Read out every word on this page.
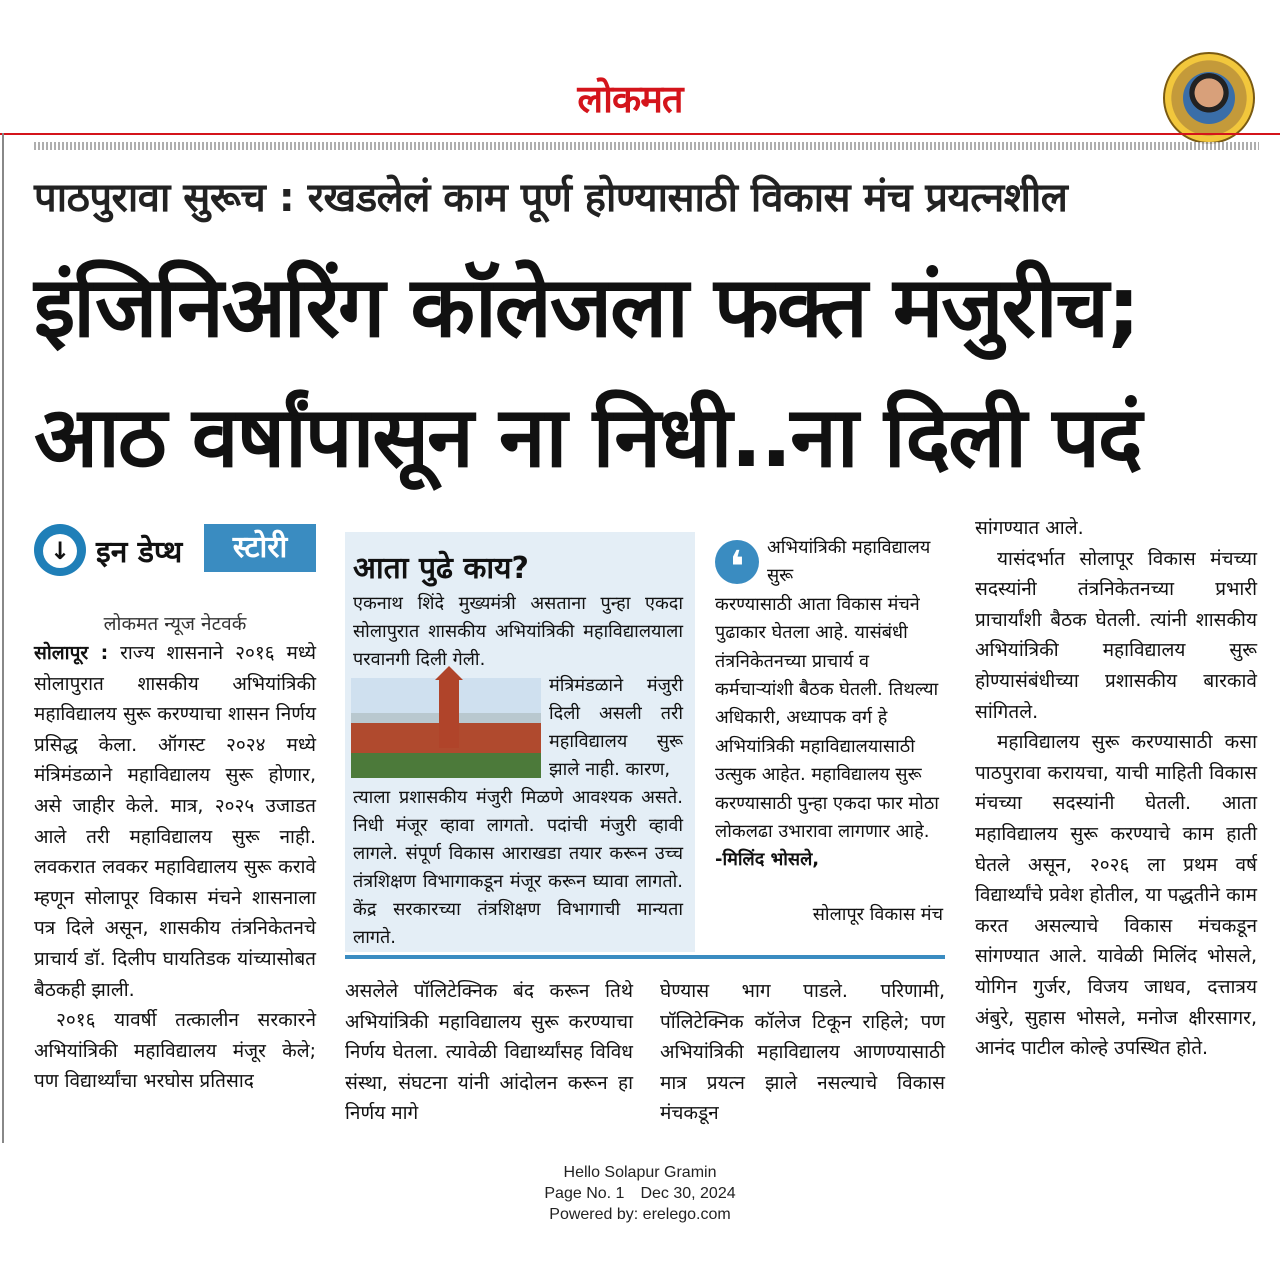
लोकमत
पाठपुरावा सुरूच : रखडलेलं काम पूर्ण होण्यासाठी विकास मंच प्रयत्नशील
इंजिनिअरिंग कॉलेजला फक्त मंजुरीच;
आठ वर्षांपासून ना निधी..ना दिली पदं
↓ इन डेप्थ	स्टोरी
लोकमत न्यूज नेटवर्क

सोलापूर : राज्य शासनाने २०१६ मध्ये सोलापुरात शासकीय अभियांत्रिकी महाविद्यालय सुरू करण्याचा शासन निर्णय प्रसिद्ध केला. ऑगस्ट २०२४ मध्ये मंत्रिमंडळाने महाविद्यालय सुरू होणार, असे जाहीर केले. मात्र, २०२५ उजाडत आले तरी महाविद्यालय सुरू नाही. लवकरात लवकर महाविद्यालय सुरू करावे म्हणून सोलापूर विकास मंचने शासनाला पत्र दिले असून, शासकीय तंत्रनिकेतनचे प्राचार्य डॉ. दिलीप घायतिडक यांच्यासोबत बैठकही झाली.

२०१६ यावर्षी तत्कालीन सरकारने अभियांत्रिकी महाविद्यालय मंजूर केले; पण विद्यार्थ्यांचा भरघोस प्रतिसाद

आता पुढे काय?
एकनाथ शिंदे मुख्यमंत्री असताना पुन्हा एकदा सोलापुरात शासकीय अभियांत्रिकी महाविद्यालयाला परवानगी दिली गेली.
मंत्रिमंडळाने मंजुरी दिली असली तरी महाविद्यालय सुरू झाले नाही. कारण,
त्याला प्रशासकीय मंजुरी मिळणे आवश्यक असते. निधी मंजूर व्हावा लागतो. पदांची मंजुरी व्हावी लागले. संपूर्ण विकास आराखडा तयार करून उच्च तंत्रशिक्षण विभागाकडून मंजूर करून घ्यावा लागतो. केंद्र सरकारच्या तंत्रशिक्षण विभागाची मान्यता लागते.
❛	अभियांत्रिकी महाविद्यालय सुरू
करण्यासाठी आता विकास मंचने पुढाकार घेतला आहे. यासंबंधी तंत्रनिकेतनच्या प्राचार्य व कर्मचाऱ्यांशी बैठक घेतली. तिथल्या अधिकारी, अध्यापक वर्ग हे अभियांत्रिकी महाविद्यालयासाठी उत्सुक आहेत. महाविद्यालय सुरू करण्यासाठी पुन्हा एकदा फार मोठा लोकलढा उभारावा लागणार आहे. -मिलिंद भोसले,
सोलापूर विकास मंच
असलेले पॉलिटेक्निक बंद करून तिथे अभियांत्रिकी महाविद्यालय सुरू करण्याचा निर्णय घेतला. त्यावेळी विद्यार्थ्यांसह विविध संस्था, संघटना यांनी आंदोलन करून हा निर्णय मागे
घेण्यास भाग पाडले. परिणामी, पॉलिटेक्निक कॉलेज टिकून राहिले; पण अभियांत्रिकी महाविद्यालय आणण्यासाठी मात्र प्रयत्न झाले नसल्याचे विकास मंचकडून

सांगण्यात आले.

यासंदर्भात सोलापूर विकास मंचच्या सदस्यांनी तंत्रनिकेतनच्या प्रभारी प्राचार्यांशी बैठक घेतली. त्यांनी शासकीय अभियांत्रिकी महाविद्यालय सुरू होण्यासंबंधीच्या प्रशासकीय बारकावे सांगितले.

महाविद्यालय सुरू करण्यासाठी कसा पाठपुरावा करायचा, याची माहिती विकास मंचच्या सदस्यांनी घेतली. आता महाविद्यालय सुरू करण्याचे काम हाती घेतले असून, २०२६ ला प्रथम वर्ष विद्यार्थ्यांचे प्रवेश होतील, या पद्धतीने काम करत असल्याचे विकास मंचकडून सांगण्यात आले. यावेळी मिलिंद भोसले, योगिन गुर्जर, विजय जाधव, दत्तात्रय अंबुरे, सुहास भोसले, मनोज क्षीरसागर, आनंद पाटील कोल्हे उपस्थित होते.

Hello Solapur Gramin
Page No. 1 Dec 30, 2024
Powered by: erelego.com
